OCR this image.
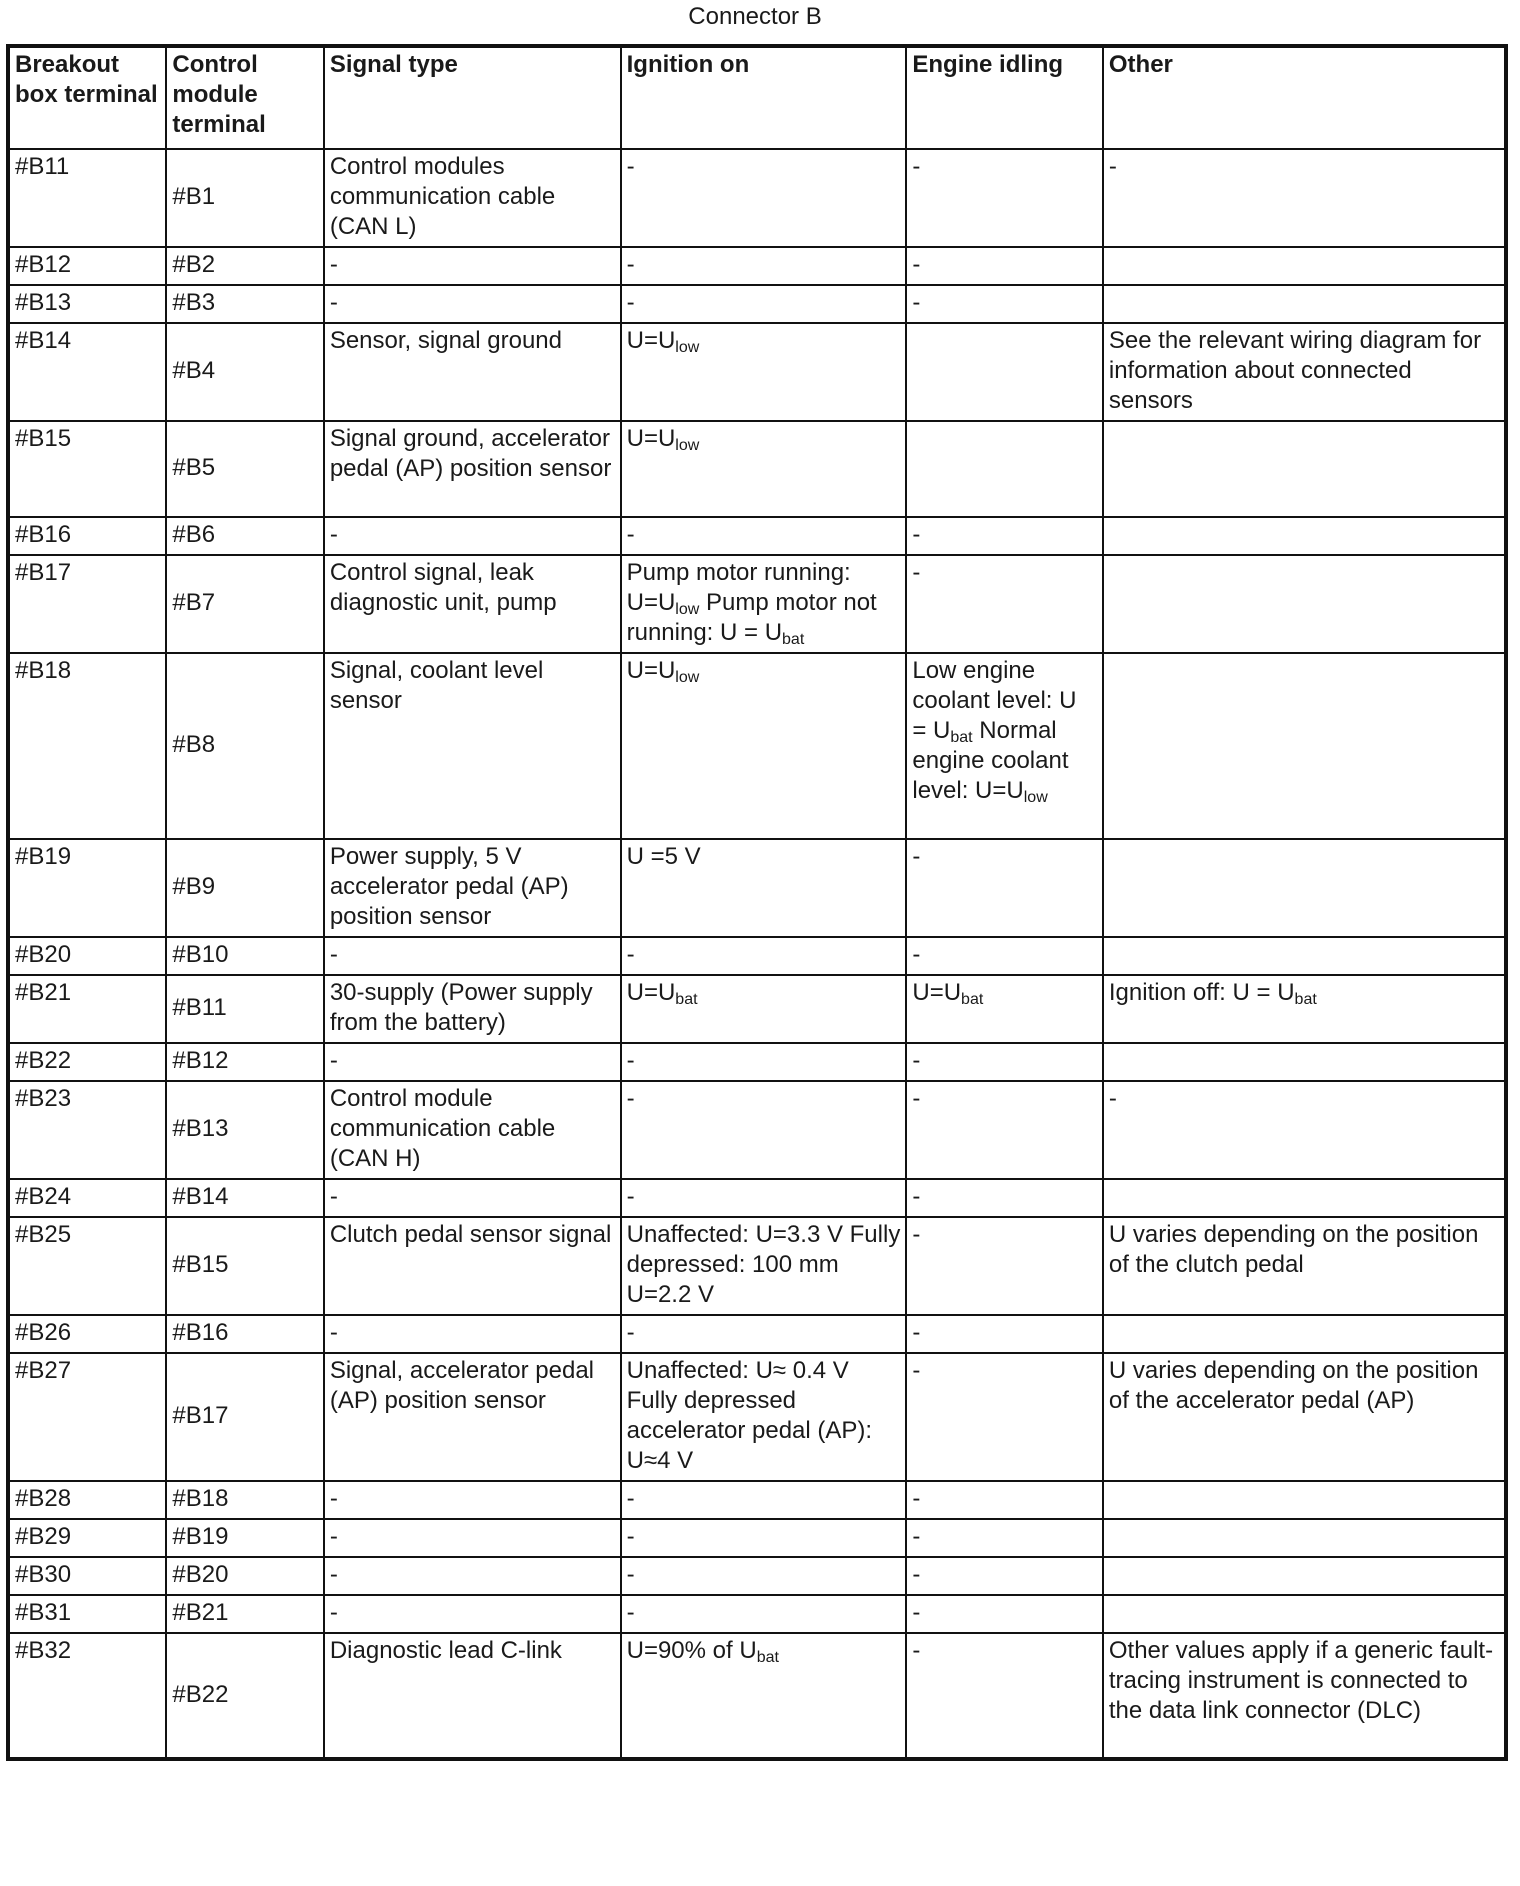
Connector B
Breakout box terminal	Control module terminal	Signal type	Ignition on	Engine idling	Other
#B11	#B1	Control modules communication cable (CAN L)	-	-	-
#B12	#B2	-	-	-	
#B13	#B3	-	-	-	
#B14	#B4	Sensor, signal ground	$U=U_{low}$		See the relevant wiring diagram for information about connected sensors
#B15	#B5	Signal ground, accelerator pedal (AP) position sensor	$U=U_{low}$		
#B16	#B6	-	-	-	
#B17	#B7	Control signal, leak diagnostic unit, pump	Pump motor running: $U=U_{low}$ Pump motor not running: $U = U_{bat}$	-	
#B18	#B8	Signal, coolant level sensor	$U=U_{low}$	Low engine coolant level: $U = U_{bat}$ Normal engine coolant level: $U=U_{low}$	
#B19	#B9	Power supply, 5 V accelerator pedal (AP) position sensor	U =5 V	-	
#B20	#B10	-	-	-	
#B21	#B11	30-supply (Power supply from the battery)	$U=U_{bat}$	$U=U_{bat}$	Ignition off: $U = U_{bat}$
#B22	#B12	-	-	-	
#B23	#B13	Control module communication cable (CAN H)	-	-	-
#B24	#B14	-	-	-	
#B25	#B15	Clutch pedal sensor signal	Unaffected: U=3.3 V Fully depressed: 100 mm U=2.2 V	-	U varies depending on the position of the clutch pedal
#B26	#B16	-	-	-	
#B27	#B17	Signal, accelerator pedal (AP) position sensor	Unaffected: U≈ 0.4 V Fully depressed accelerator pedal (AP): U≈4 V	-	U varies depending on the position of the accelerator pedal (AP)
#B28	#B18	-	-	-	
#B29	#B19	-	-	-	
#B30	#B20	-	-	-	
#B31	#B21	-	-	-	
#B32	#B22	Diagnostic lead C-link	U=90% of $U_{bat}$	-	Other values apply if a generic fault-tracing instrument is connected to the data link connector (DLC)
